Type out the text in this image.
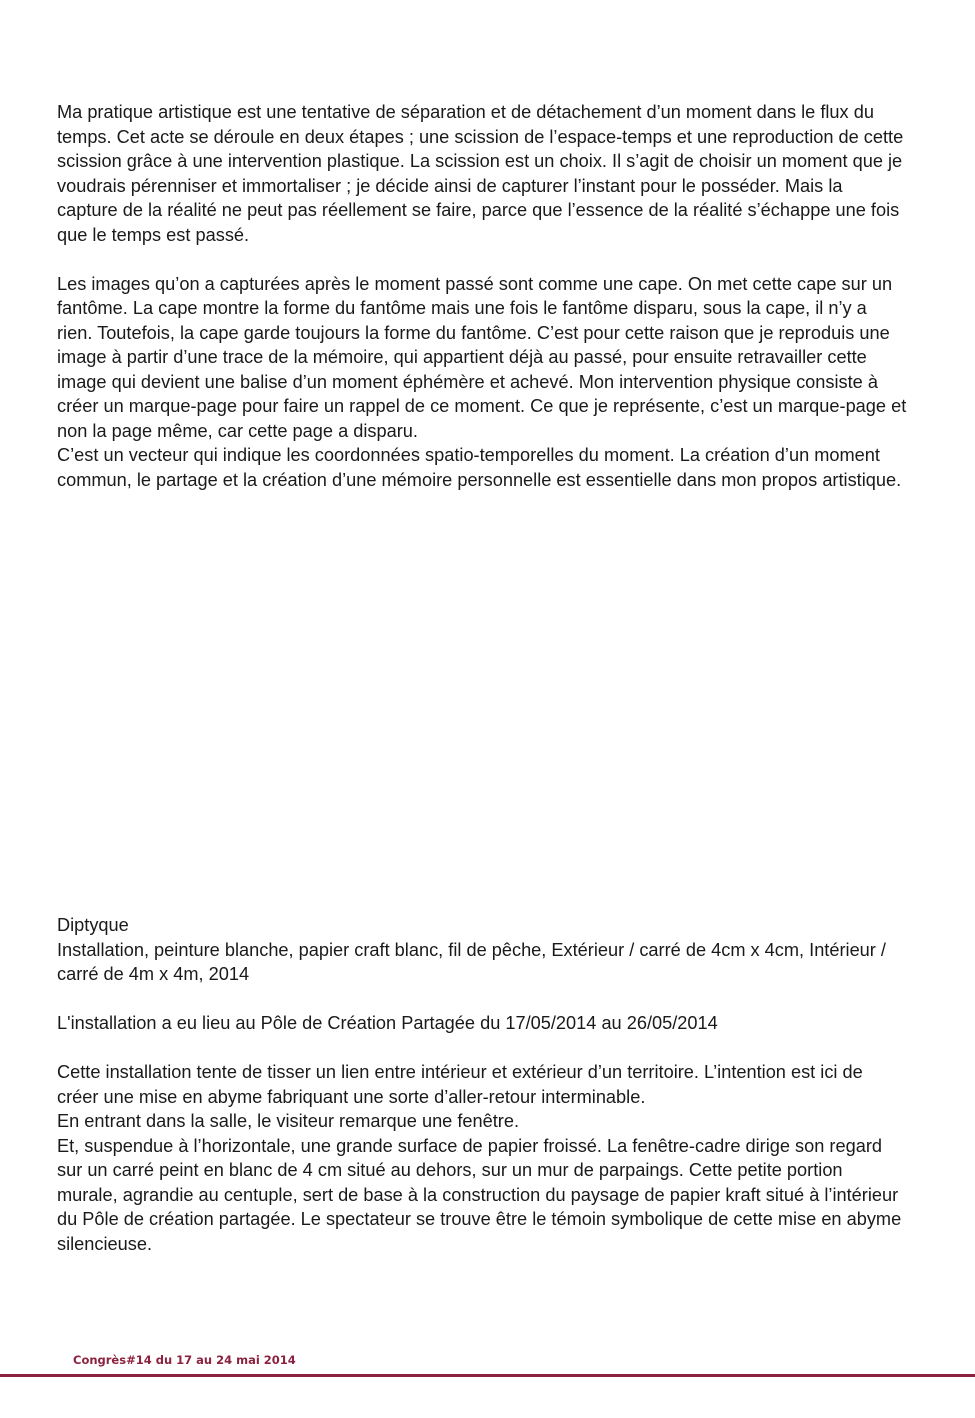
Ma pratique artistique est une tentative de séparation et de détachement d’un moment dans le flux du temps. Cet acte se déroule en deux étapes ; une scission de l’espace-temps et une reproduction de cette scission grâce à une intervention plastique. La scission est un choix. Il s’agit de choisir un moment que je voudrais pérenniser et immortaliser ; je décide ainsi de capturer l’instant pour le posséder. Mais la capture de la réalité ne peut pas réellement se faire, parce que l’essence de la réalité s’échappe une fois que le temps est passé.

Les images qu’on a capturées après le moment passé sont comme une cape. On met cette cape sur un fantôme. La cape montre la forme du fantôme mais une fois le fantôme disparu, sous la cape, il n’y a rien. Toutefois, la cape garde toujours la forme du fantôme. C’est pour cette raison que je reproduis une image à partir d’une trace de la mémoire, qui appartient déjà au passé, pour ensuite retravailler cette image qui devient une balise d’un moment éphémère et achevé. Mon intervention physique consiste à créer un marque-page pour faire un rappel de ce moment. Ce que je représente, c’est un marque-page et non la page même, car cette page a disparu.

C’est un vecteur qui indique les coordonnées spatio-temporelles du moment. La création d’un moment commun, le partage et la création d’une mémoire personnelle est essentielle dans mon propos artistique.

Diptyque

Installation, peinture blanche, papier craft blanc, fil de pêche, Extérieur / carré de 4cm x 4cm, Intérieur / carré de 4m x 4m, 2014

L'installation a eu lieu au Pôle de Création Partagée du 17/05/2014 au 26/05/2014

Cette installation tente de tisser un lien entre intérieur et extérieur d’un territoire. L’intention est ici de créer une mise en abyme fabriquant une sorte d’aller-retour interminable.

En entrant dans la salle, le visiteur remarque une fenêtre.

Et, suspendue à l’horizontale, une grande surface de papier froissé. La fenêtre-cadre dirige son regard sur un carré peint en blanc de 4 cm situé au dehors, sur un mur de parpaings. Cette petite portion murale, agrandie au centuple, sert de base à la construction du paysage de papier kraft situé à l’intérieur du Pôle de création partagée. Le spectateur se trouve être le témoin symbolique de cette mise en abyme silencieuse.

Congrès#14 du 17 au 24 mai 2014
